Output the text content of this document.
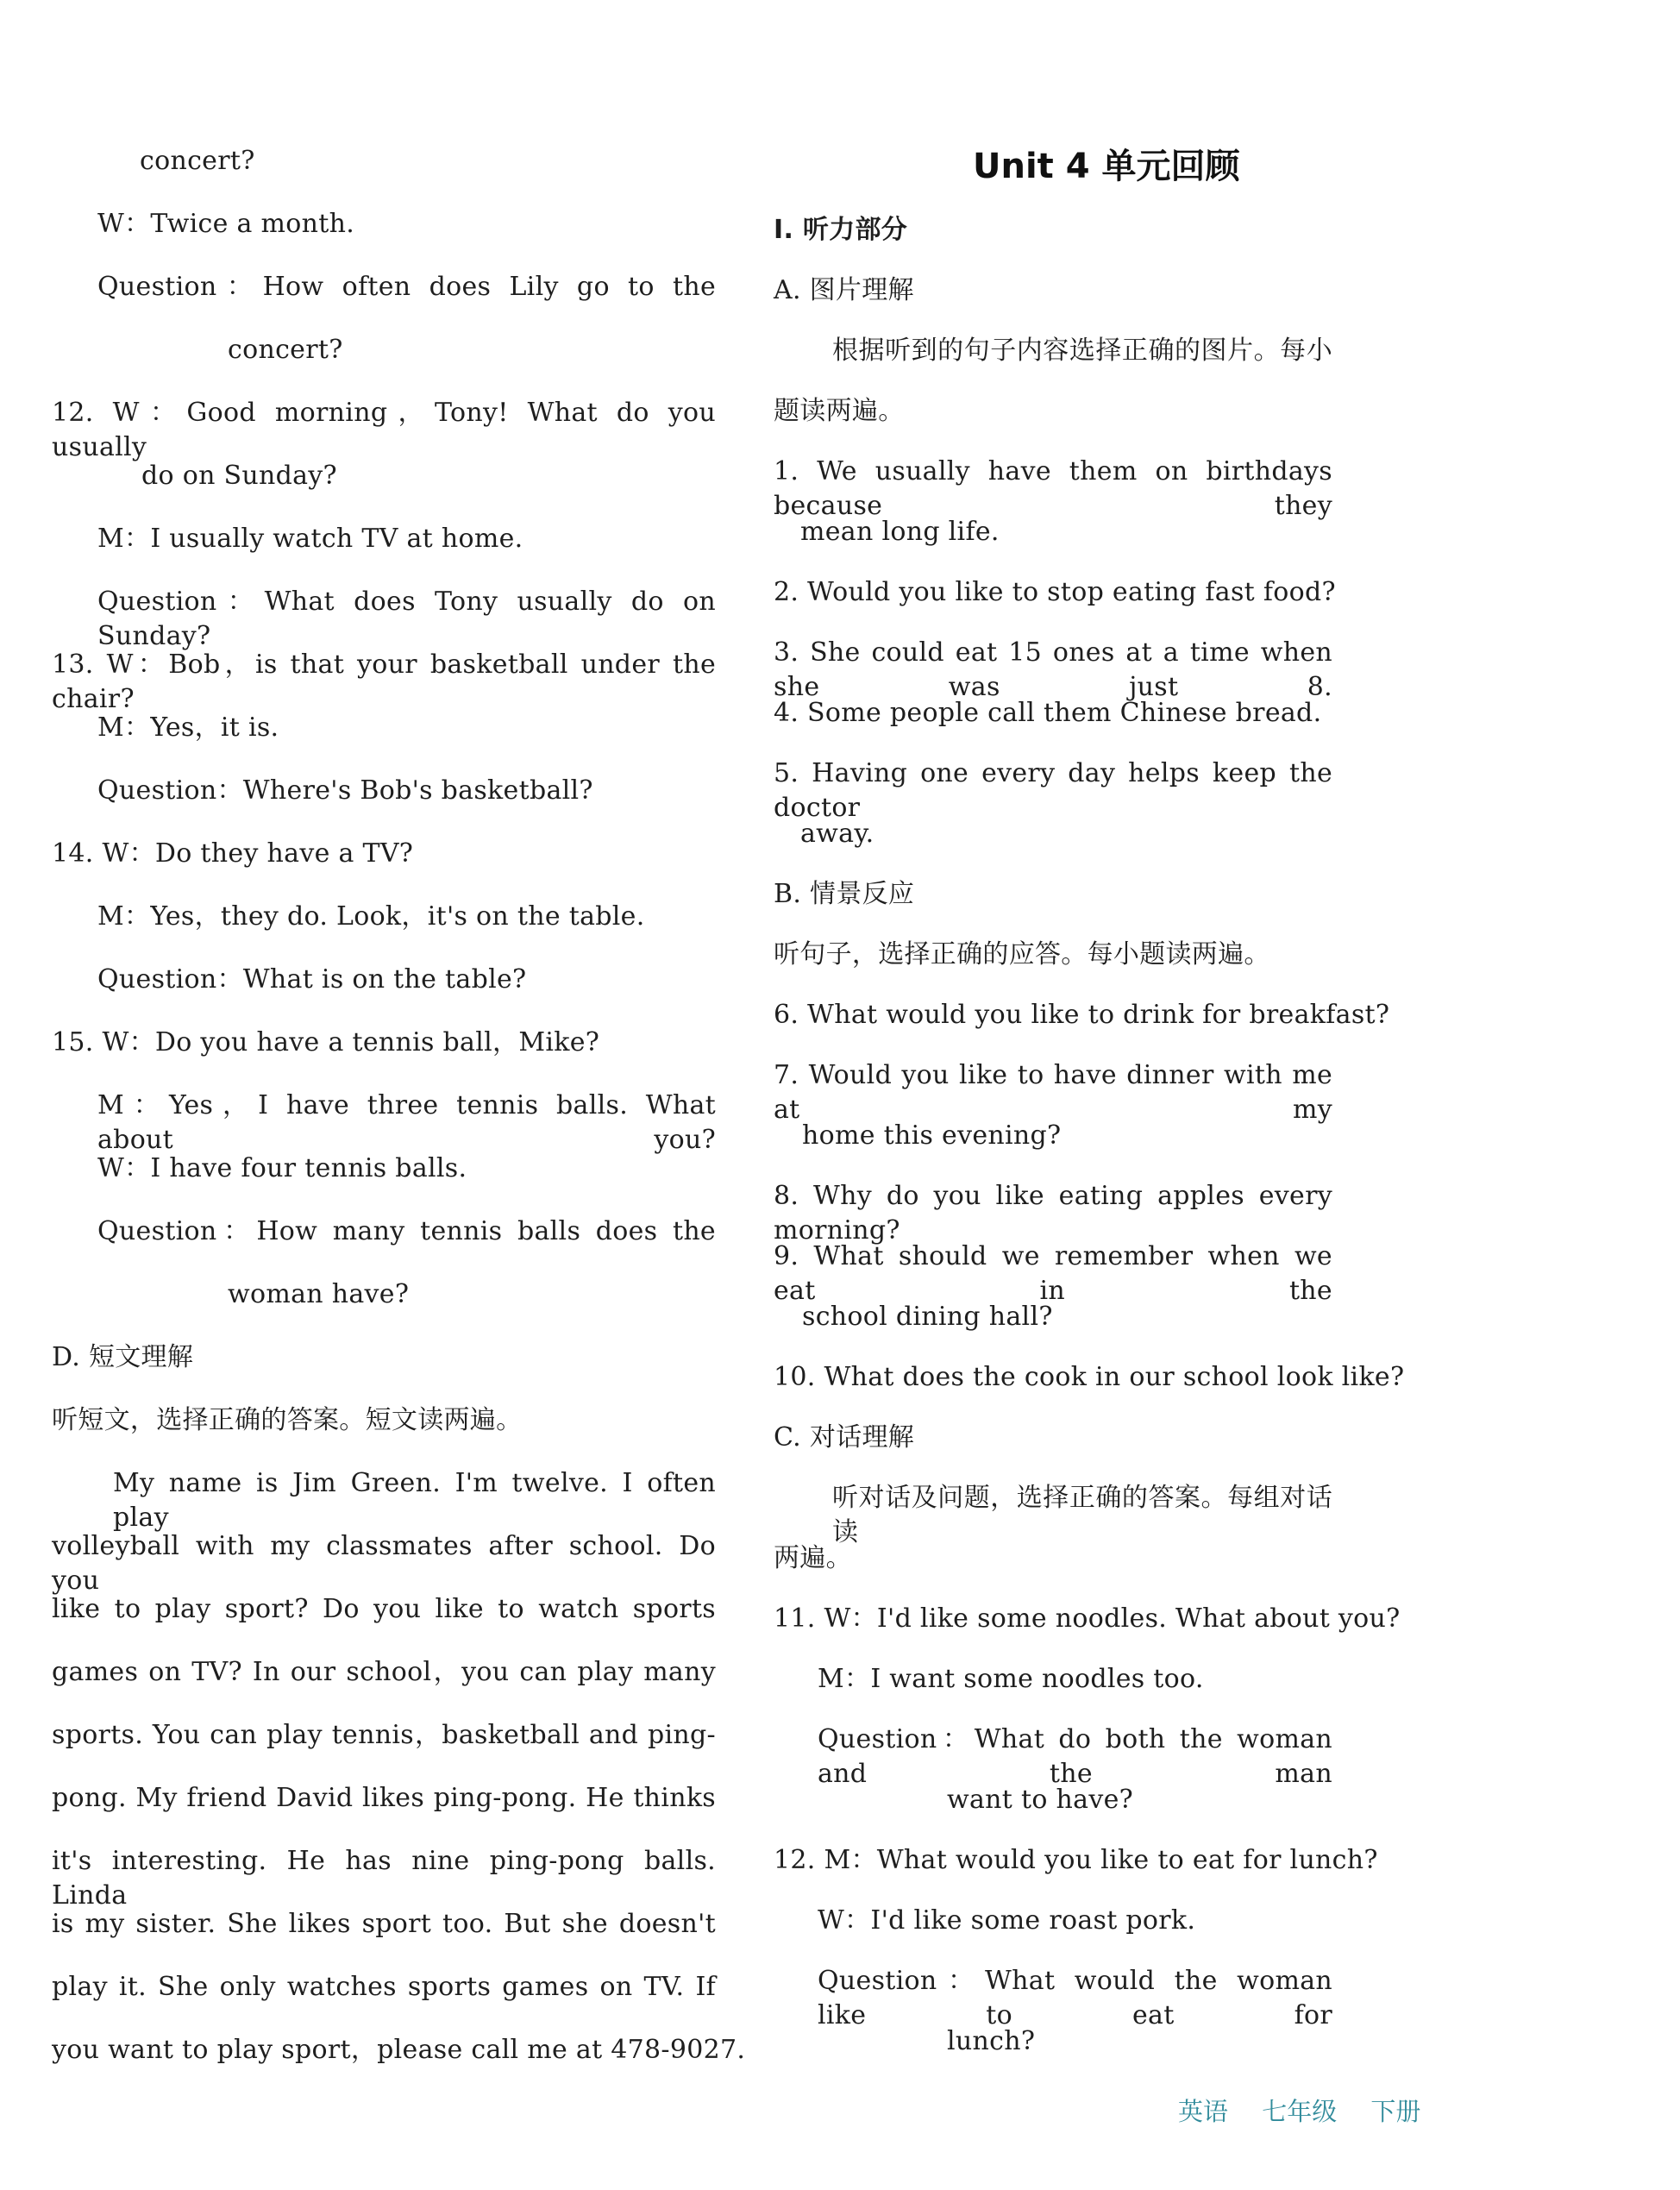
concert?
W：Twice a month.
Question：How often does Lily go to the
concert?
12. W：Good morning，Tony! What do you usually
do on Sunday?
M：I usually watch TV at home.
Question：What does Tony usually do on Sunday?
13. W：Bob，is that your basketball under the chair?
M：Yes，it is.
Question：Where's Bob's basketball?
14. W：Do they have a TV?
M：Yes，they do. Look，it's on the table.
Question：What is on the table?
15. W：Do you have a tennis ball，Mike?
M：Yes，I have three tennis balls. What about you?
W：I have four tennis balls.
Question：How many tennis balls does the
woman have?
D. 短文理解
听短文，选择正确的答案。短文读两遍。
My name is Jim Green. I'm twelve. I often play
volleyball with my classmates after school. Do you
like to play sport? Do you like to watch sports
games on TV? In our school，you can play many
sports. You can play tennis，basketball and ping-
pong. My friend David likes ping-pong. He thinks
it's interesting. He has nine ping-pong balls. Linda
is my sister. She likes sport too. But she doesn't
play it. She only watches sports games on TV. If
you want to play sport，please call me at 478-9027.
Unit 4 单元回顾
Ⅰ. 听力部分
A. 图片理解
根据听到的句子内容选择正确的图片。每小
题读两遍。
1. We usually have them on birthdays because they
mean long life.
2. Would you like to stop eating fast food?
3. She could eat 15 ones at a time when she was just 8.
4. Some people call them Chinese bread.
5. Having one every day helps keep the doctor
away.
B. 情景反应
听句子，选择正确的应答。每小题读两遍。
6. What would you like to drink for breakfast?
7. Would you like to have dinner with me at my
home this evening?
8. Why do you like eating apples every morning?
9. What should we remember when we eat in the
school dining hall?
10. What does the cook in our school look like?
C. 对话理解
听对话及问题，选择正确的答案。每组对话读
两遍。
11. W：I'd like some noodles. What about you?
M：I want some noodles too.
Question：What do both the woman and the man
want to have?
12. M：What would you like to eat for lunch?
W：I'd like some roast pork.
Question：What would the woman like to eat for
lunch?
英语 七年级 下册
